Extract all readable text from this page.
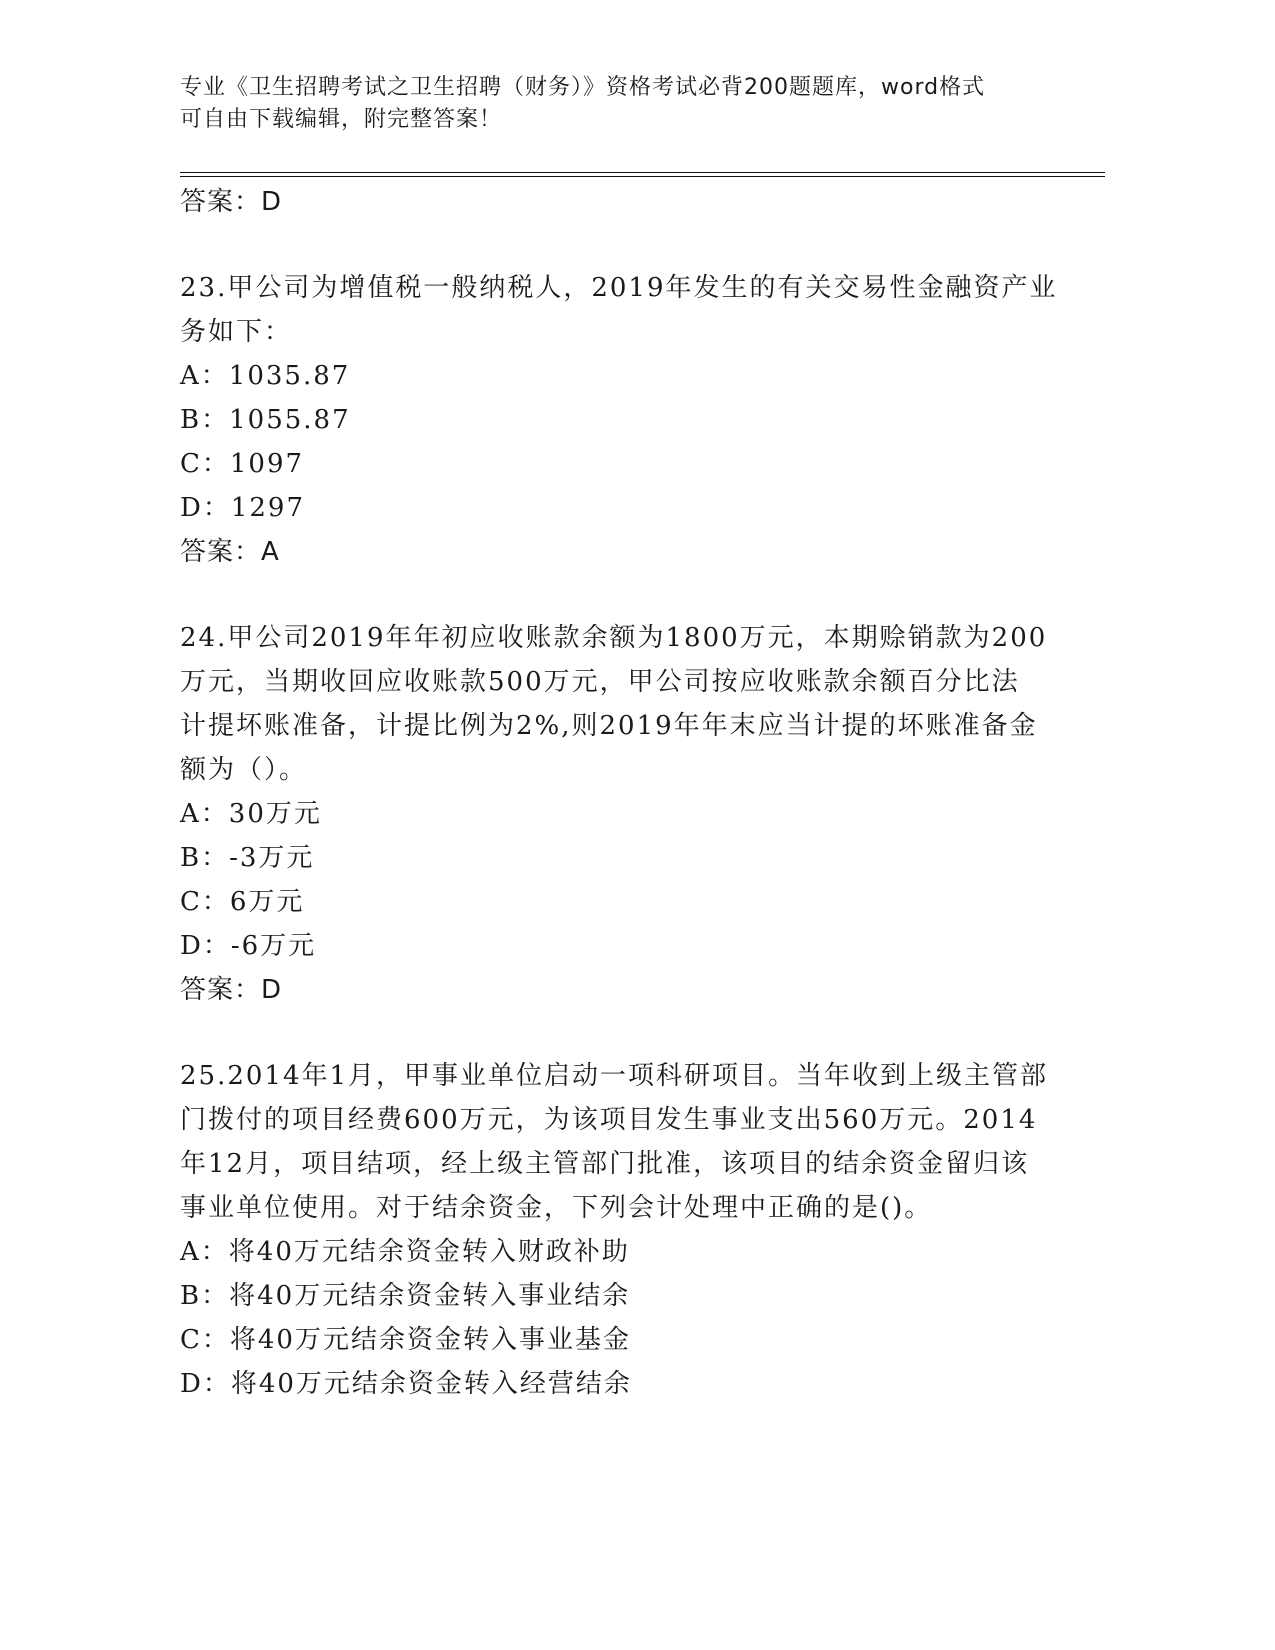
专业《卫生招聘考试之卫生招聘（财务）》资格考试必背200题题库，word格式
可自由下载编辑，附完整答案！
答案：D
23.甲公司为增值税一般纳税人，2019年发生的有关交易性金融资产业
务如下：
A：1035.87
B：1055.87
C：1097
D：1297
答案：A
24.甲公司2019年年初应收账款余额为1800万元，本期赊销款为200
万元，当期收回应收账款500万元，甲公司按应收账款余额百分比法
计提坏账准备，计提比例为2%,则2019年年末应当计提的坏账准备金
额为（）。
A：30万元
B：-3万元
C：6万元
D：-6万元
答案：D
25.2014年1月，甲事业单位启动一项科研项目。当年收到上级主管部
门拨付的项目经费600万元，为该项目发生事业支出560万元。2014
年12月，项目结项，经上级主管部门批准，该项目的结余资金留归该
事业单位使用。对于结余资金，下列会计处理中正确的是()。
A：将40万元结余资金转入财政补助
B：将40万元结余资金转入事业结余
C：将40万元结余资金转入事业基金
D：将40万元结余资金转入经营结余
